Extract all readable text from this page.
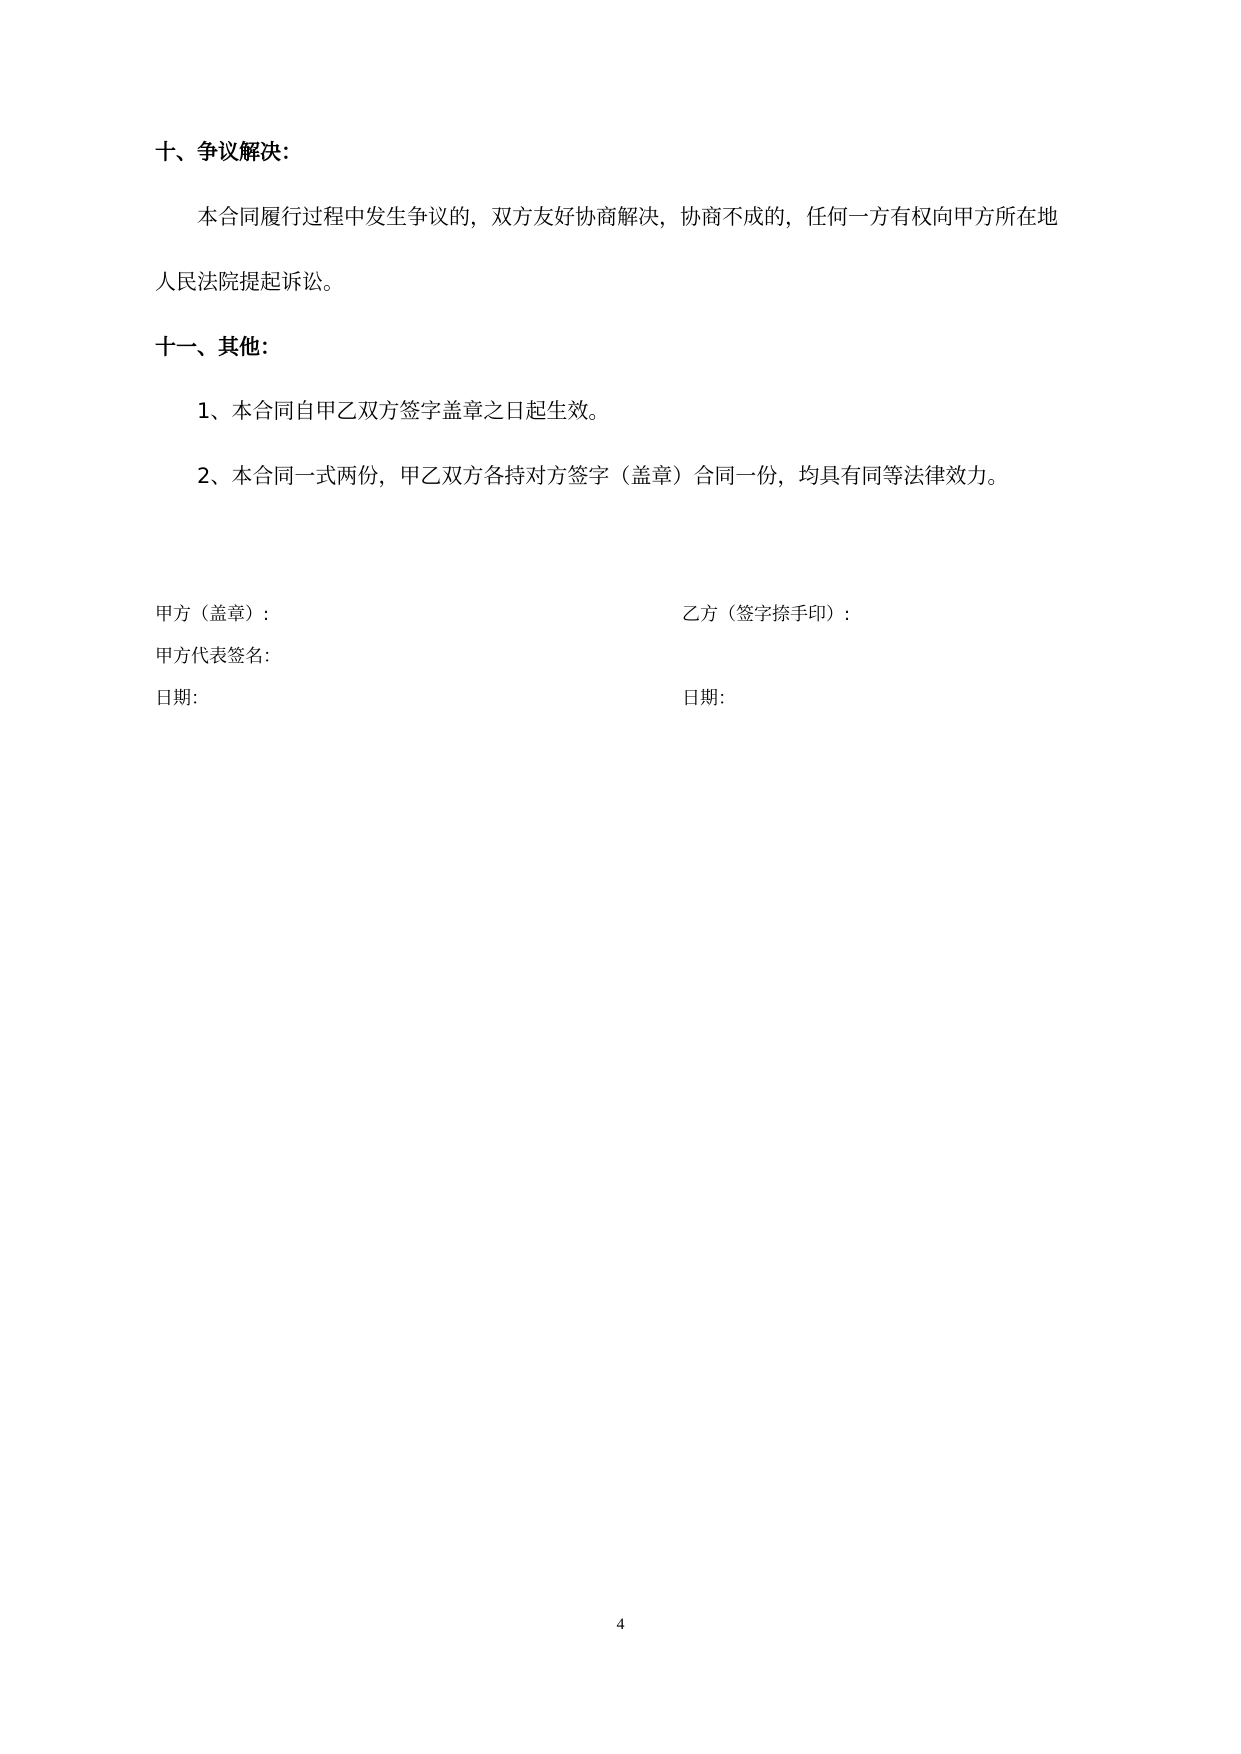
十、争议解决：
本合同履行过程中发生争议的，双方友好协商解决，协商不成的，任何一方有权向甲方所在地
人民法院提起诉讼。
十一、其他：
1、本合同自甲乙双方签字盖章之日起生效。
2、本合同一式两份，甲乙双方各持对方签字（盖章）合同一份，均具有同等法律效力。
甲方（盖章）:	乙方（签字捺手印）:
甲方代表签名：
日期：	日期：
4
